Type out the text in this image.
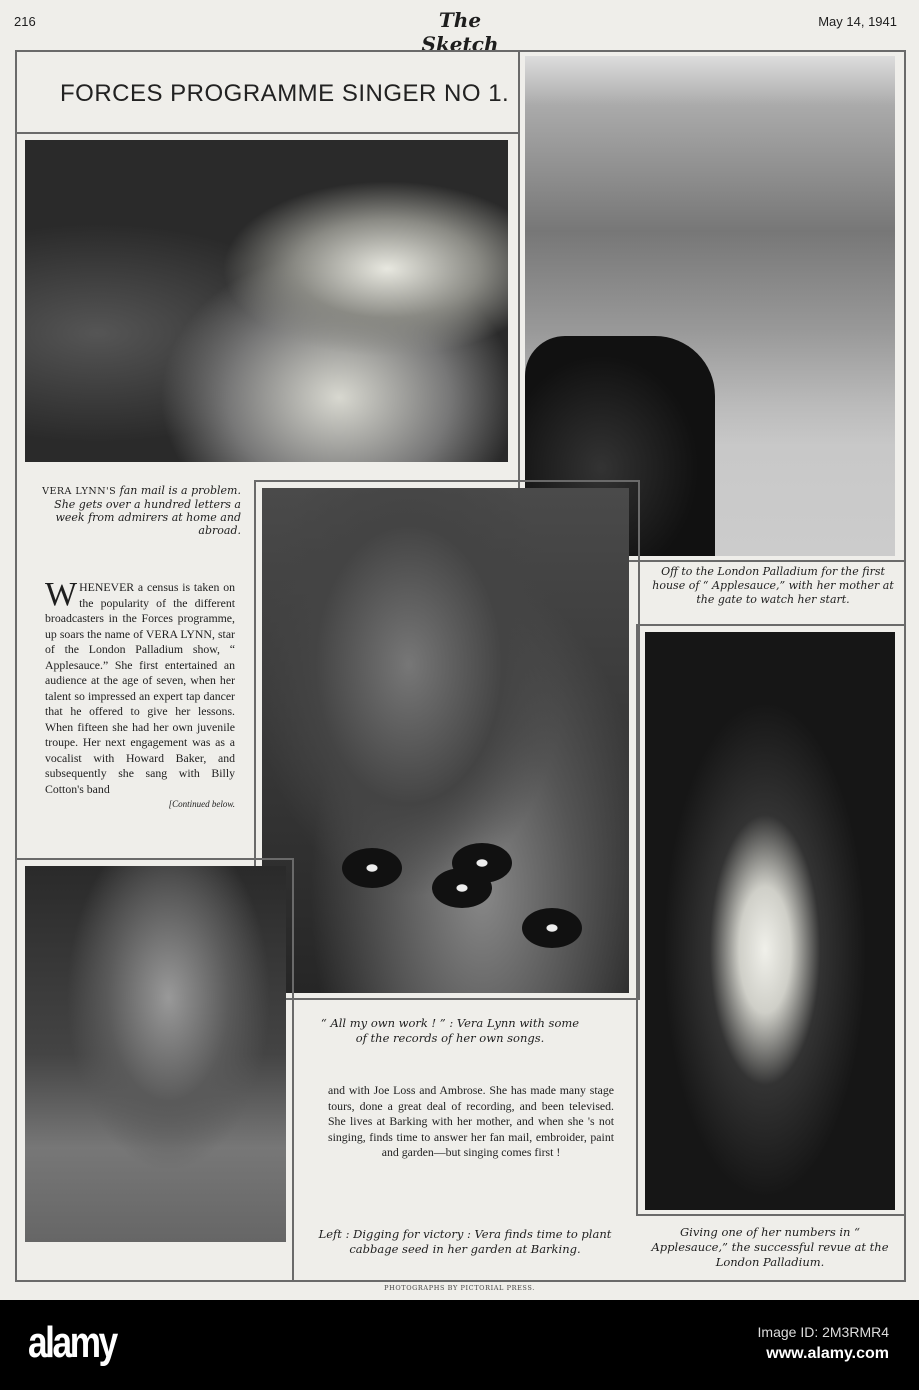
216	The Sketch
May 14, 1941
FORCES PROGRAMME SINGER NO 1.
Off to the London Palladium for the first house of “ Applesauce,” with her mother at the gate to watch her start.
Giving one of her numbers in “ Applesauce,” the successful revue at the London Palladium.
VERA LYNN'S fan mail is a problem. She gets over a hundred letters a week from admirers at home and abroad.
WHENEVER a census is taken on the popularity of the different broadcasters in the Forces programme, up soars the name of VERA LYNN, star of the London Palladium show, “ Applesauce.” She first entertained an audience at the age of seven, when her talent so impressed an expert tap dancer that he offered to give her lessons. When fifteen she had her own juvenile troupe. Her next engagement was as a vocalist with Howard Baker, and subsequently she sang with Billy Cotton's band
[Continued below.
“ All my own work ! ” : Vera Lynn with some of the records of her own songs.
and with Joe Loss and Ambrose. She has made many stage tours, done a great deal of recording, and been televised. She lives at Barking with her mother, and when she 's not singing, finds time to answer her fan mail, embroider, paint and garden—but singing comes first !
Left : Digging for victory : Vera finds time to plant cabbage seed in her garden at Barking.
PHOTOGRAPHS BY PICTORIAL PRESS.
alamy	Image ID: 2M3RMR4
www.alamy.com
